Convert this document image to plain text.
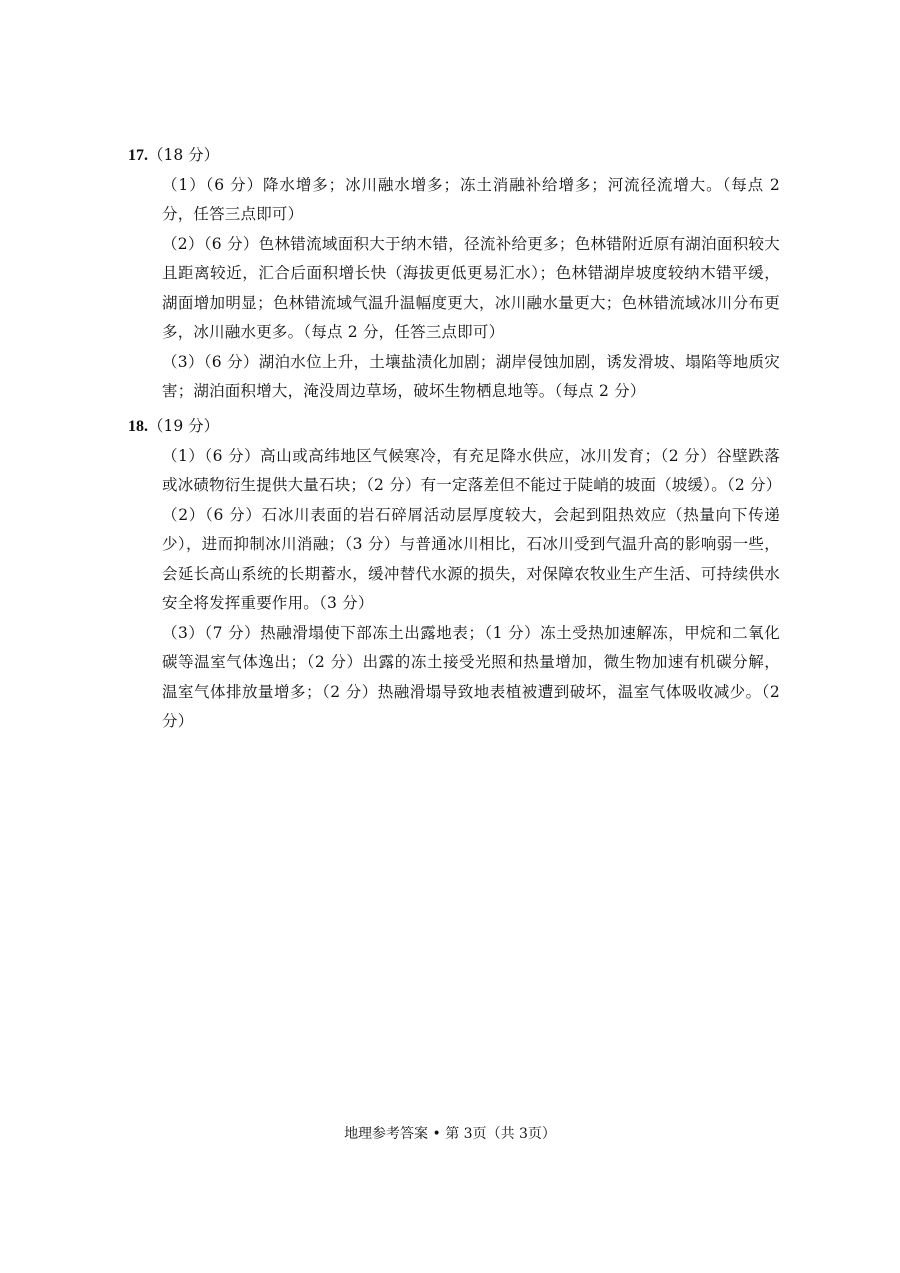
17.（18 分）
（1）（6 分）降水增多；冰川融水增多；冻土消融补给增多；河流径流增大。（每点 2 分，任答三点即可）
（2）（6 分）色林错流域面积大于纳木错，径流补给更多；色林错附近原有湖泊面积较大且距离较近，汇合后面积增长快（海拔更低更易汇水）；色林错湖岸坡度较纳木错平缓，湖面增加明显；色林错流域气温升温幅度更大，冰川融水量更大；色林错流域冰川分布更多，冰川融水更多。（每点 2 分，任答三点即可）
（3）（6 分）湖泊水位上升，土壤盐渍化加剧；湖岸侵蚀加剧，诱发滑坡、塌陷等地质灾害；湖泊面积增大，淹没周边草场，破坏生物栖息地等。（每点 2 分）
18.（19 分）
（1）（6 分）高山或高纬地区气候寒冷，有充足降水供应，冰川发育；（2 分）谷壁跌落或冰碛物衍生提供大量石块；（2 分）有一定落差但不能过于陡峭的坡面（坡缓）。（2 分）
（2）（6 分）石冰川表面的岩石碎屑活动层厚度较大，会起到阻热效应（热量向下传递少），进而抑制冰川消融；（3 分）与普通冰川相比，石冰川受到气温升高的影响弱一些，会延长高山系统的长期蓄水，缓冲替代水源的损失，对保障农牧业生产生活、可持续供水安全将发挥重要作用。（3 分）
（3）（7 分）热融滑塌使下部冻土出露地表；（1 分）冻土受热加速解冻，甲烷和二氧化碳等温室气体逸出；（2 分）出露的冻土接受光照和热量增加，微生物加速有机碳分解，温室气体排放量增多；（2 分）热融滑塌导致地表植被遭到破坏，温室气体吸收减少。（2 分）
地理参考答案 • 第 3页（共 3页）
